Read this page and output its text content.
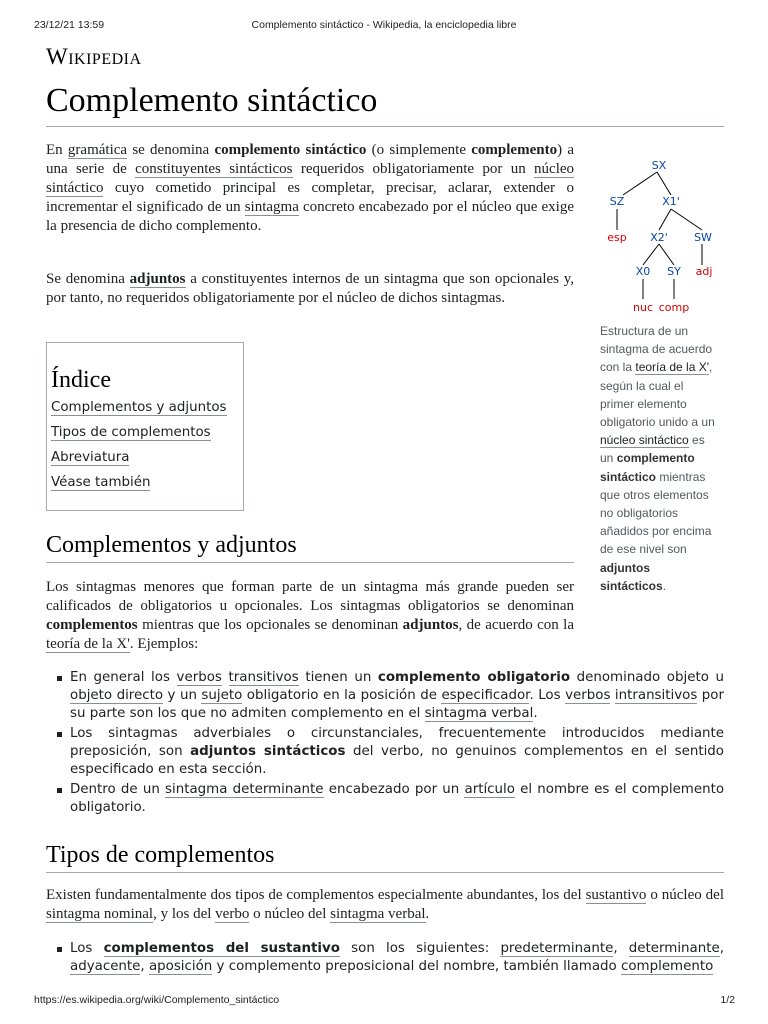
23/12/21 13:59	Complemento sintáctico - Wikipedia, la enciclopedia libre
Wikipedia
Complemento sintáctico

En gramática se denomina complemento sintáctico (o simplemente complemento) a una serie de constituyentes sintácticos requeridos obligatoriamente por un núcleo sintáctico cuyo cometido principal es completar, precisar, aclarar, extender o incrementar el significado de un sintagma concreto encabezado por el núcleo que exige la presencia de dicho complemento.

Se denomina adjuntos a constituyentes internos de un sintagma que son opcionales y, por tanto, no requeridos obligatoriamente por el núcleo de dichos sintagmas.

SX
SZ	X1'
esp X2' SW
X0 SY adj
nuc comp
Estructura de un sintagma de acuerdo con la teoría de la X', según la cual el primer elemento obligatorio unido a un núcleo sintáctico es un complemento sintáctico mientras que otros elementos no obligatorios añadidos por encima de ese nivel son adjuntos sintácticos.
Índice
Complementos y adjuntos
Tipos de complementos
Abreviatura
Véase también
Complementos y adjuntos

Los sintagmas menores que forman parte de un sintagma más grande pueden ser calificados de obligatorios u opcionales. Los sintagmas obligatorios se denominan complementos mientras que los opcionales se denominan adjuntos, de acuerdo con la teoría de la X'. Ejemplos:

En general los verbos transitivos tienen un complemento obligatorio denominado objeto u objeto directo y un sujeto obligatorio en la posición de especificador. Los verbos intransitivos por su parte son los que no admiten complemento en el sintagma verbal.
Los sintagmas adverbiales o circunstanciales, frecuentemente introducidos mediante preposición, son adjuntos sintácticos del verbo, no genuinos complementos en el sentido especificado en esta sección.
Dentro de un sintagma determinante encabezado por un artículo el nombre es el complemento obligatorio.
Tipos de complementos

Existen fundamentalmente dos tipos de complementos especialmente abundantes, los del sustantivo o núcleo del sintagma nominal, y los del verbo o núcleo del sintagma verbal.

Los complementos del sustantivo son los siguientes: predeterminante, determinante, adyacente, aposición y complemento preposicional del nombre, también llamado complemento
https://es.wikipedia.org/wiki/Complemento_sintáctico	1/2
